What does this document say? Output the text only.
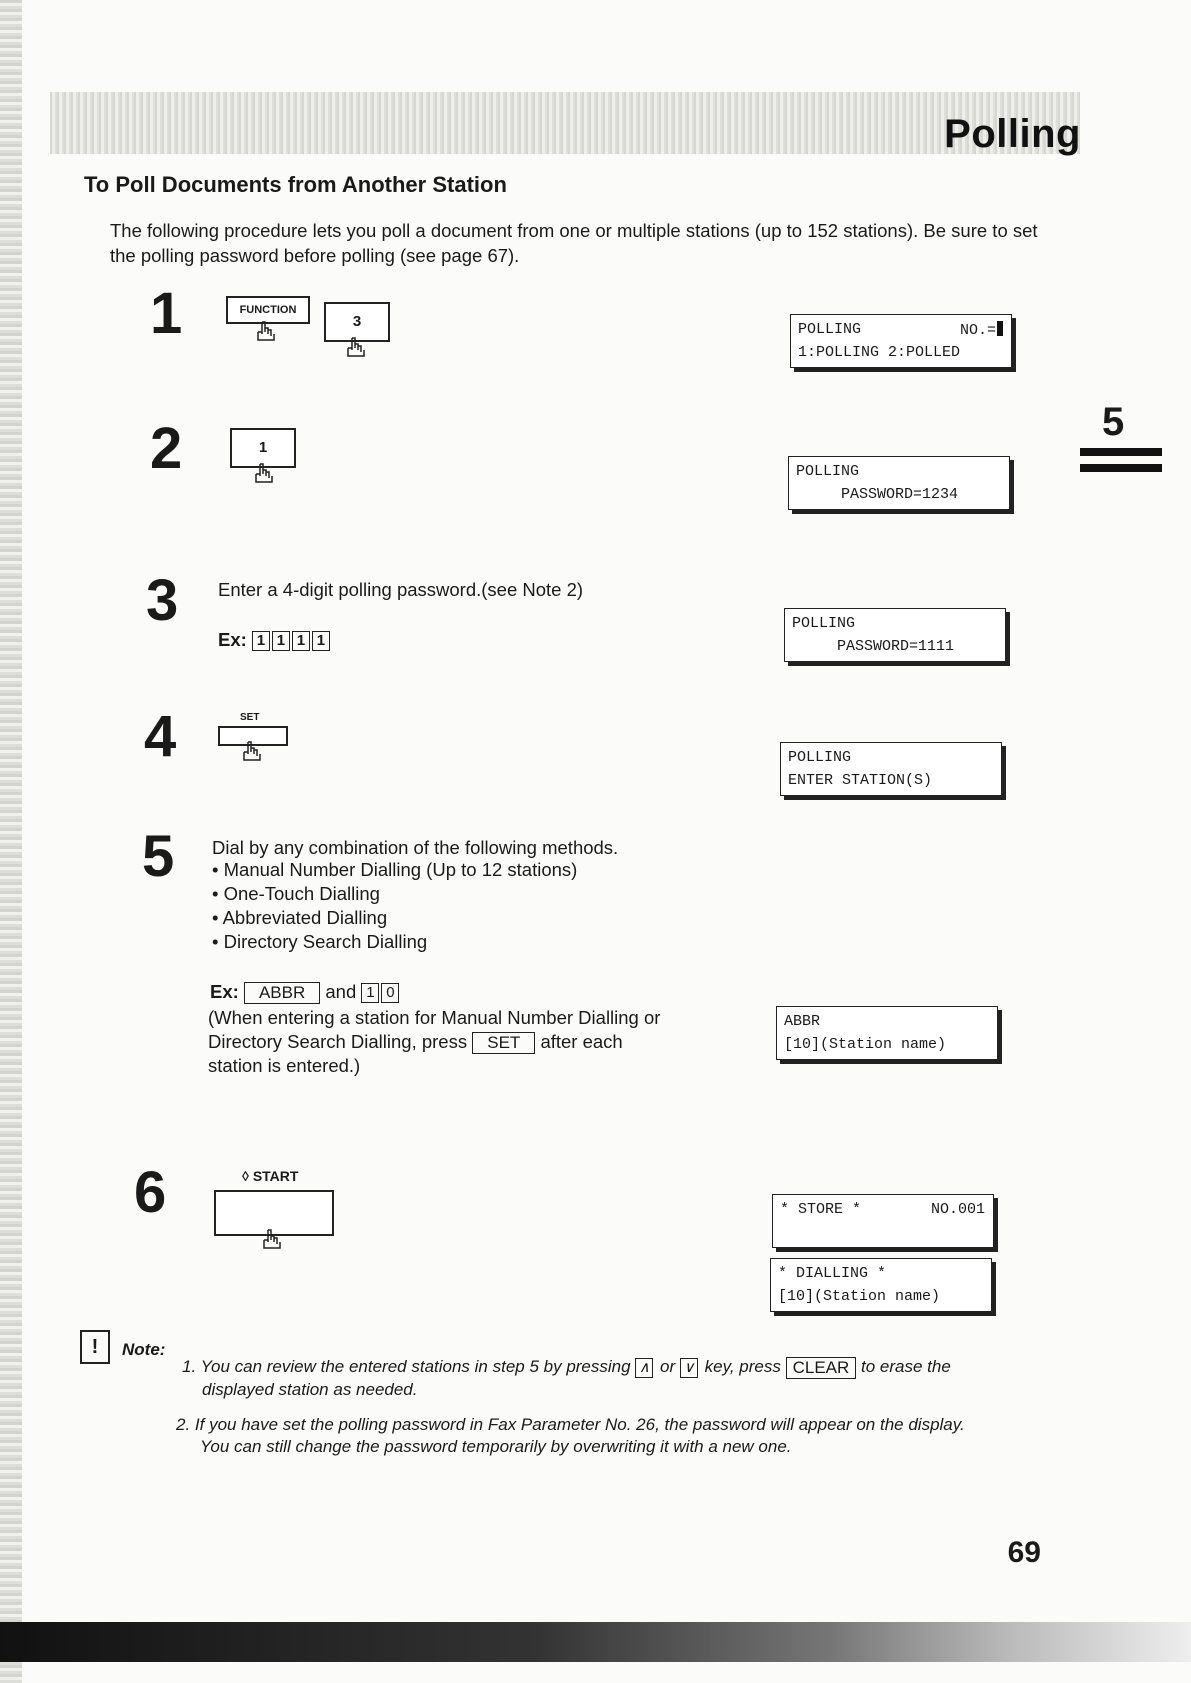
Polling
To Poll Documents from Another Station
The following procedure lets you poll a document from one or multiple stations (up to 152 stations). Be sure to set the polling password before polling (see page 67).
5
1	FUNCTION
3	POLLING	NO.=
1:POLLING 2:POLLED
2	1
POLLING
PASSWORD=1234
3 Enter a 4-digit polling password.(see Note 2)
Ex: 1 1 1 1
POLLING
PASSWORD=1111
4	SET
POLLING
ENTER STATION(S)
5 Dial by any combination of the following methods.
• Manual Number Dialling (Up to 12 stations)
• One-Touch Dialling
• Abbreviated Dialling
• Directory Search Dialling
Ex: ABBR and 1 0
(When entering a station for Manual Number Dialling or
Directory Search Dialling, press SET after each
station is entered.)
ABBR
[10](Station name)
6	◊ START
* STORE *	NO.001
* DIALLING *
[10](Station name)
!	Note:
1. You can review the entered stations in step 5 by pressing ∧ or ∨ key, press CLEAR to erase the
displayed station as needed.
2. If you have set the polling password in Fax Parameter No. 26, the password will appear on the display.
You can still change the password temporarily by overwriting it with a new one.
69
